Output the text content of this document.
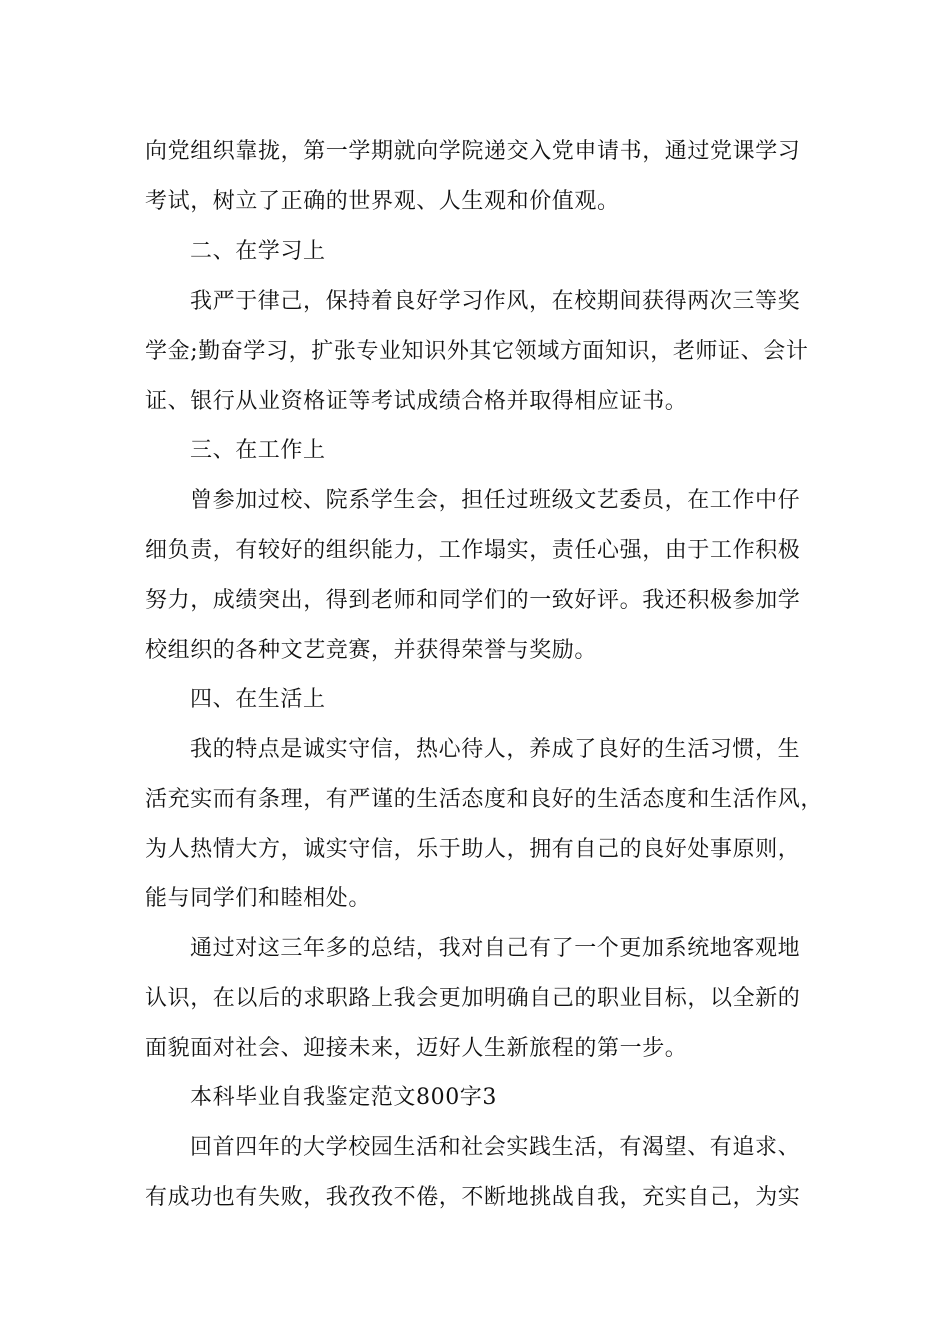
向党组织靠拢，第一学期就向学院递交入党申请书，通过党课学习
考试，树立了正确的世界观、人生观和价值观。
二、在学习上
我严于律己，保持着良好学习作风，在校期间获得两次三等奖
学金;勤奋学习，扩张专业知识外其它领域方面知识，老师证、会计
证、银行从业资格证等考试成绩合格并取得相应证书。
三、在工作上
曾参加过校、院系学生会，担任过班级文艺委员，在工作中仔
细负责，有较好的组织能力，工作塌实，责任心强，由于工作积极
努力，成绩突出，得到老师和同学们的一致好评。我还积极参加学
校组织的各种文艺竞赛，并获得荣誉与奖励。
四、在生活上
我的特点是诚实守信，热心待人，养成了良好的生活习惯，生
活充实而有条理，有严谨的生活态度和良好的生活态度和生活作风，
为人热情大方，诚实守信，乐于助人，拥有自己的良好处事原则，
能与同学们和睦相处。
通过对这三年多的总结，我对自己有了一个更加系统地客观地
认识，在以后的求职路上我会更加明确自己的职业目标，以全新的
面貌面对社会、迎接未来，迈好人生新旅程的第一步。
本科毕业自我鉴定范文800字3
回首四年的大学校园生活和社会实践生活，有渴望、有追求、
有成功也有失败，我孜孜不倦，不断地挑战自我，充实自己，为实
